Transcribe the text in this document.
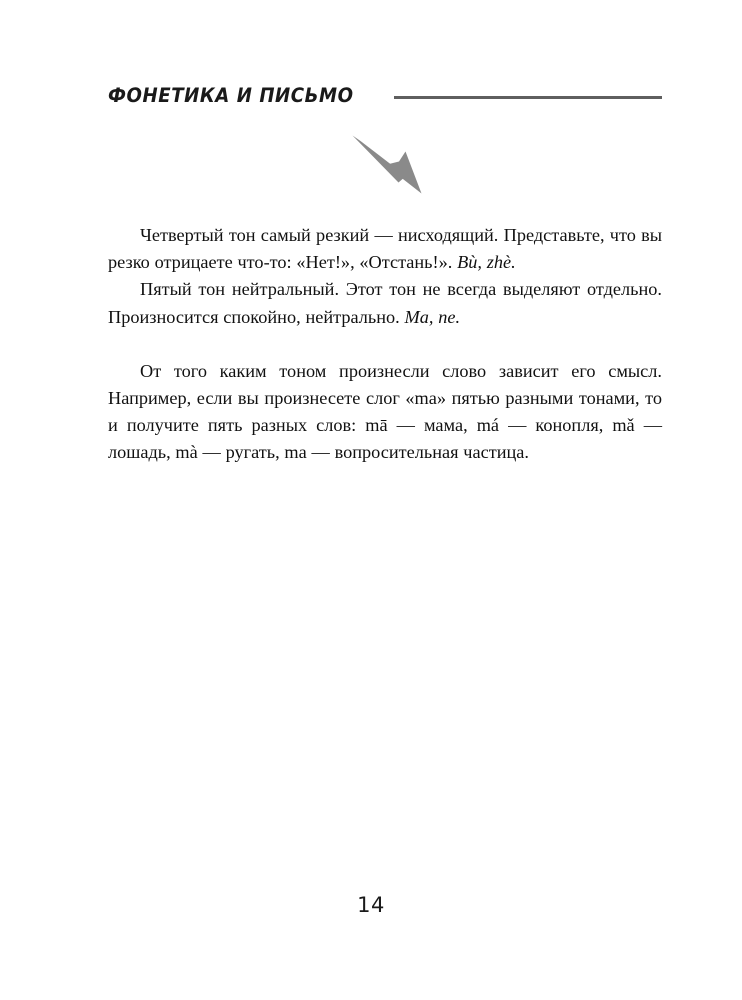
ФОНЕТИКА И ПИСЬМО

Четвертый тон самый резкий — нисходящий. Представьте, что вы резко отрицаете что-то: «Нет!», «Отстань!». Bù, zhè.

Пятый тон нейтральный. Этот тон не всегда выделяют отдельно. Произносится спокойно, нейтрально. Ma, ne.

От того каким тоном произнесли слово зависит его смысл. Например, если вы произнесете слог «ma» пятью разными тонами, то и получите пять разных слов: mā — мама, má — конопля, mǎ — лошадь, mà — ругать, ma — вопросительная частица.

14
